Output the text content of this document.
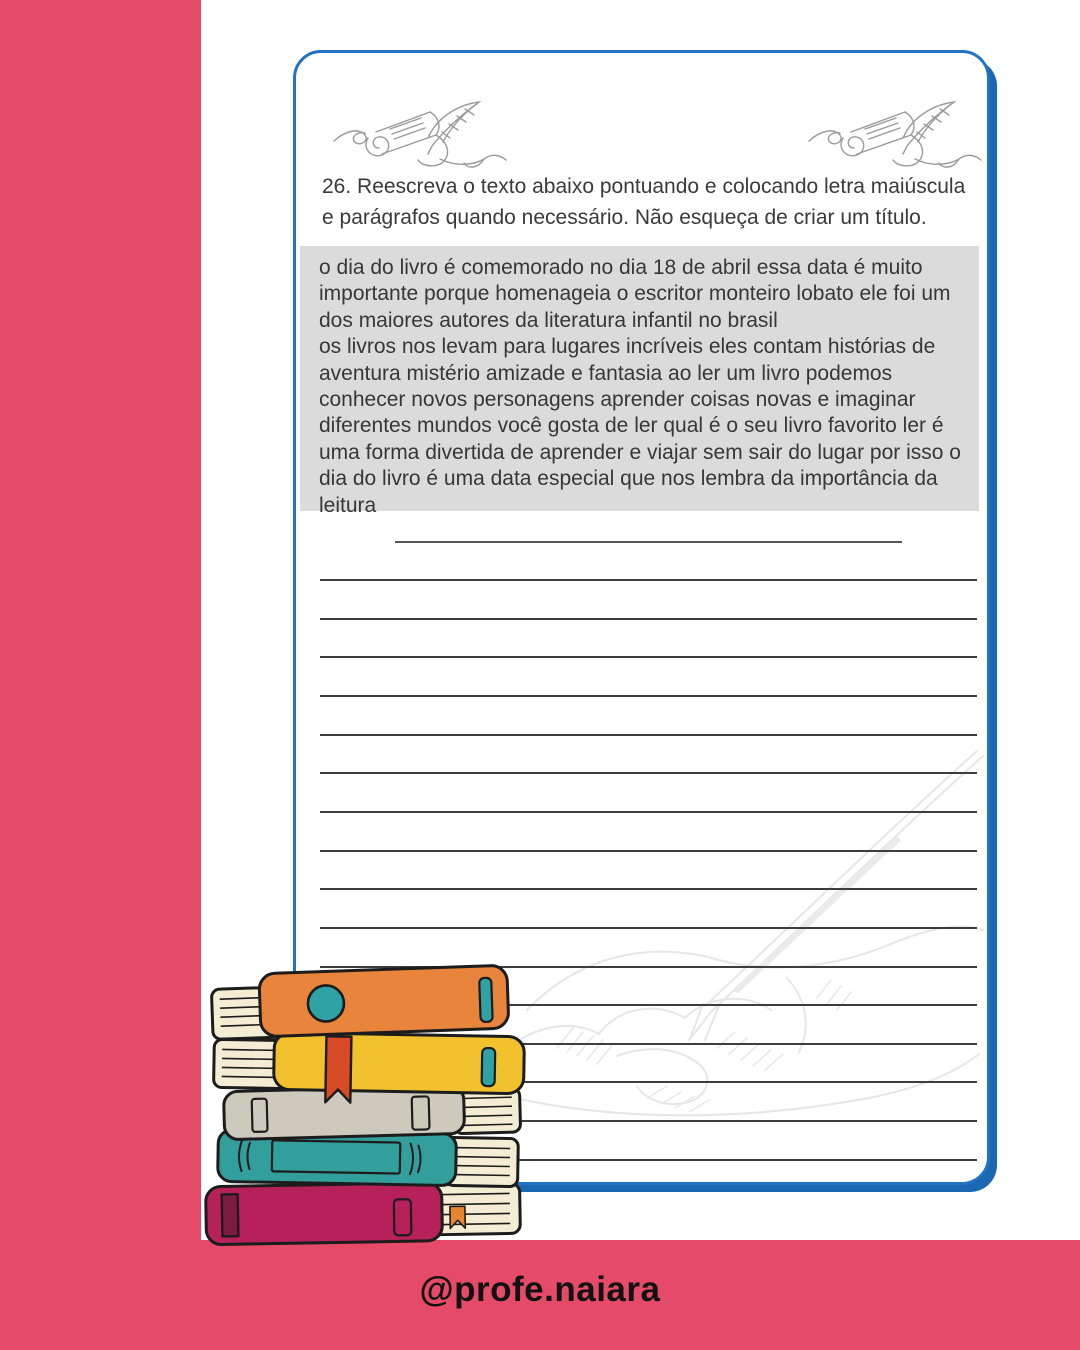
26. Reescreva o texto abaixo pontuando e colocando letra maiúscula e parágrafos quando necessário. Não esqueça de criar um título.

o dia do livro é comemorado no dia 18 de abril essa data é muito importante porque homenageia o escritor monteiro lobato ele foi um dos maiores autores da literatura infantil no brasil

os livros nos levam para lugares incríveis eles contam histórias de aventura mistério amizade e fantasia ao ler um livro podemos conhecer novos personagens aprender coisas novas e imaginar diferentes mundos você gosta de ler qual é o seu livro favorito ler é uma forma divertida de aprender e viajar sem sair do lugar por isso o dia do livro é uma data especial que nos lembra da importância da leitura

@profe.naiara
